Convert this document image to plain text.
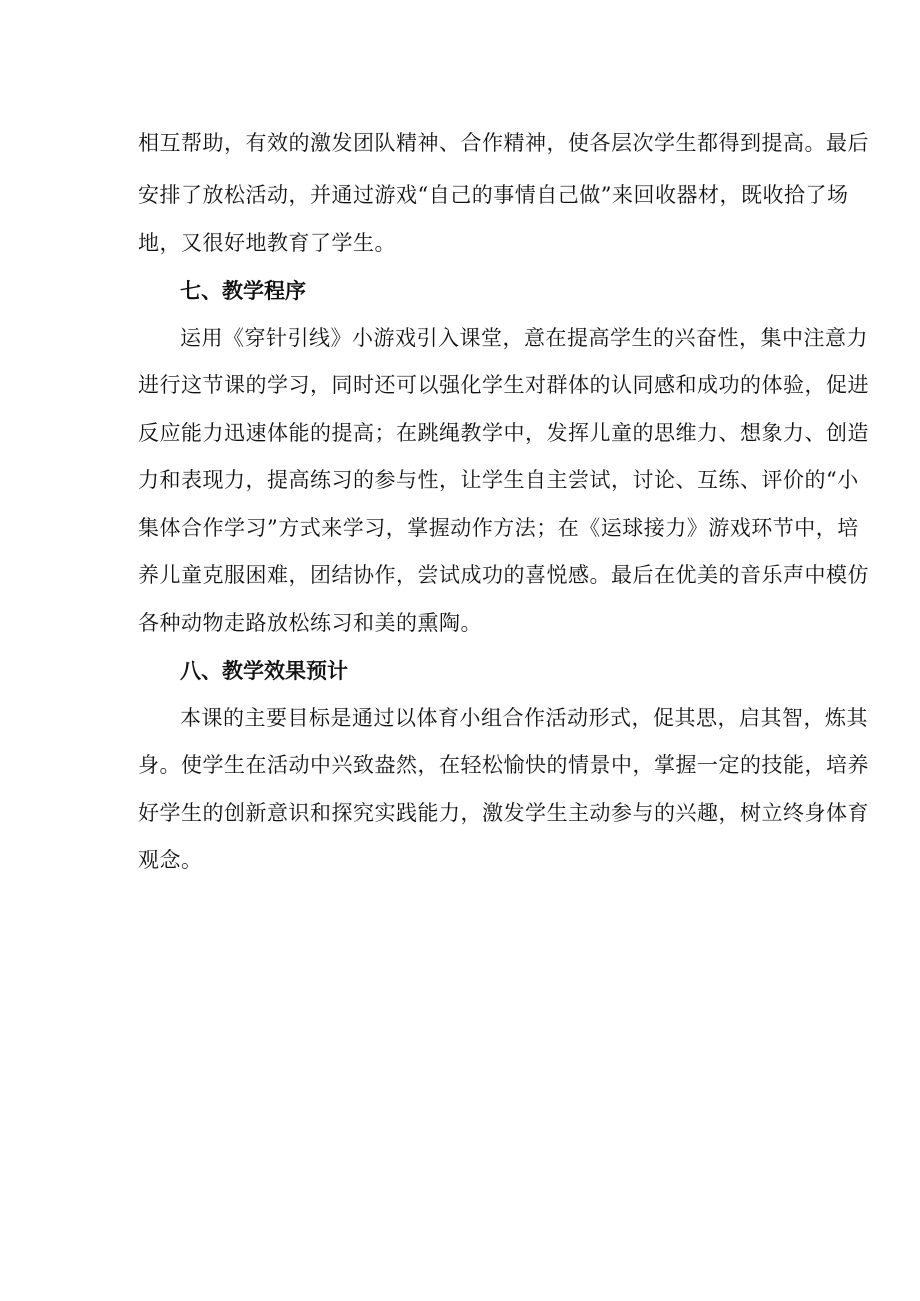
相互帮助，有效的激发团队精神、合作精神，使各层次学生都得到提高。最后
安排了放松活动，并通过游戏“自己的事情自己做”来回收器材，既收拾了场
地，又很好地教育了学生。
七、教学程序
运用《穿针引线》小游戏引入课堂，意在提高学生的兴奋性，集中注意力
进行这节课的学习，同时还可以强化学生对群体的认同感和成功的体验，促进
反应能力迅速体能的提高；在跳绳教学中，发挥儿童的思维力、想象力、创造
力和表现力，提高练习的参与性，让学生自主尝试，讨论、互练、评价的“小
集体合作学习”方式来学习，掌握动作方法；在《运球接力》游戏环节中，培
养儿童克服困难，团结协作，尝试成功的喜悦感。最后在优美的音乐声中模仿
各种动物走路放松练习和美的熏陶。
八、教学效果预计
本课的主要目标是通过以体育小组合作活动形式，促其思，启其智，炼其
身。使学生在活动中兴致盎然，在轻松愉快的情景中，掌握一定的技能，培养
好学生的创新意识和探究实践能力，激发学生主动参与的兴趣，树立终身体育
观念。
